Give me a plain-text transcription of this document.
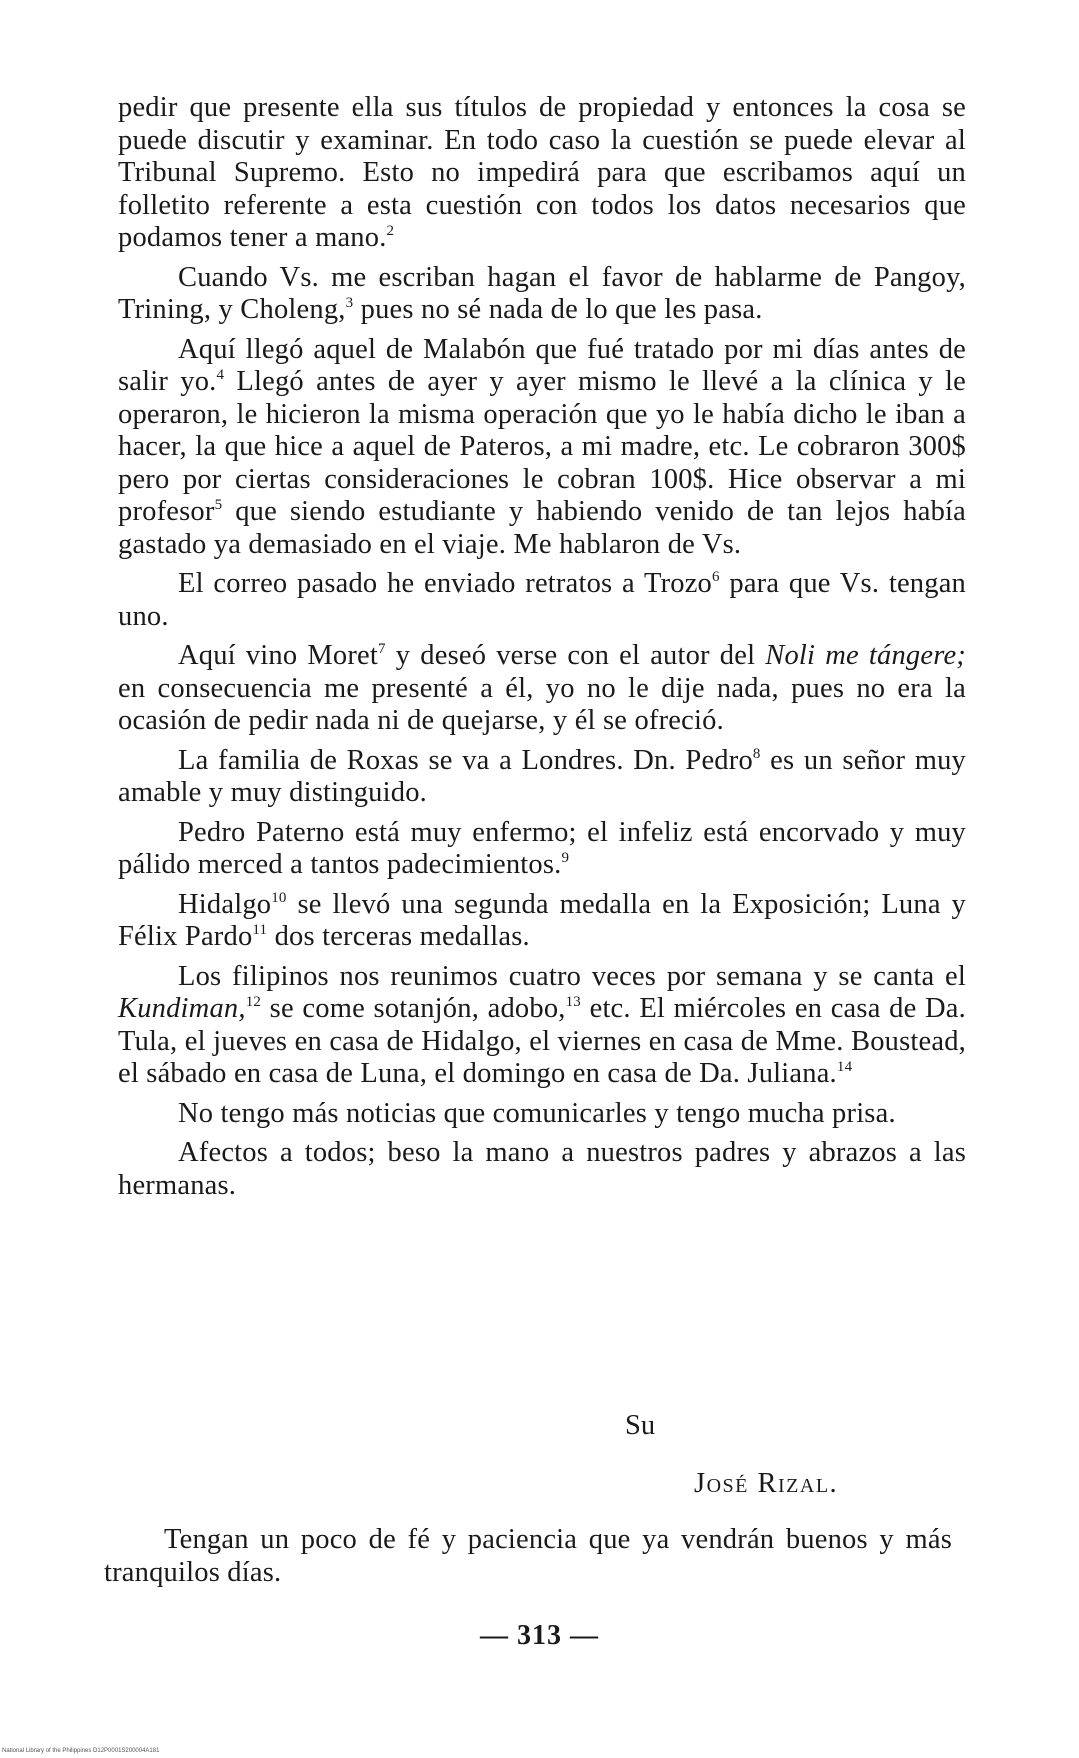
pedir que presente ella sus títulos de propiedad y entonces la cosa se puede discutir y examinar. En todo caso la cuestión se puede elevar al Tribunal Supremo. Esto no impedirá para que escribamos aquí un folletito referente a esta cuestión con todos los datos necesarios que podamos tener a mano.$^2$

Cuando Vs. me escriban hagan el favor de hablarme de Pangoy, Trining, y Choleng,$^3$ pues no sé nada de lo que les pasa.

Aquí llegó aquel de Malabón que fué tratado por mi días antes de salir yo.$^4$ Llegó antes de ayer y ayer mismo le llevé a la clínica y le operaron, le hicieron la misma operación que yo le había dicho le iban a hacer, la que hice a aquel de Pateros, a mi madre, etc. Le cobraron 300$ pero por ciertas consideraciones le cobran 100$. Hice observar a mi profesor$^5$ que siendo estudiante y habiendo venido de tan lejos había gastado ya demasiado en el viaje. Me hablaron de Vs.

El correo pasado he enviado retratos a Trozo$^6$ para que Vs. tengan uno.

Aquí vino Moret$^7$ y deseó verse con el autor del Noli me tángere; en consecuencia me presenté a él, yo no le dije nada, pues no era la ocasión de pedir nada ni de quejarse, y él se ofreció.

La familia de Roxas se va a Londres. Dn. Pedro$^8$ es un señor muy amable y muy distinguido.

Pedro Paterno está muy enfermo; el infeliz está encorvado y muy pálido merced a tantos padecimientos.$^9$

Hidalgo$^{10}$ se llevó una segunda medalla en la Exposición; Luna y Félix Pardo$^{11}$ dos terceras medallas.

Los filipinos nos reunimos cuatro veces por semana y se canta el Kundiman,$^{12}$ se come sotanjón, adobo,$^{13}$ etc. El miércoles en casa de Da. Tula, el jueves en casa de Hidalgo, el viernes en casa de Mme. Boustead, el sábado en casa de Luna, el domingo en casa de Da. Juliana.$^{14}$

No tengo más noticias que comunicarles y tengo mucha prisa.

Afectos a todos; beso la mano a nuestros padres y abrazos a las hermanas.

Su
José Rizal.

Tengan un poco de fé y paciencia que ya vendrán buenos y más tranquilos días.

— 313 —
National Library of the Philippines D12P0001S200004A181
